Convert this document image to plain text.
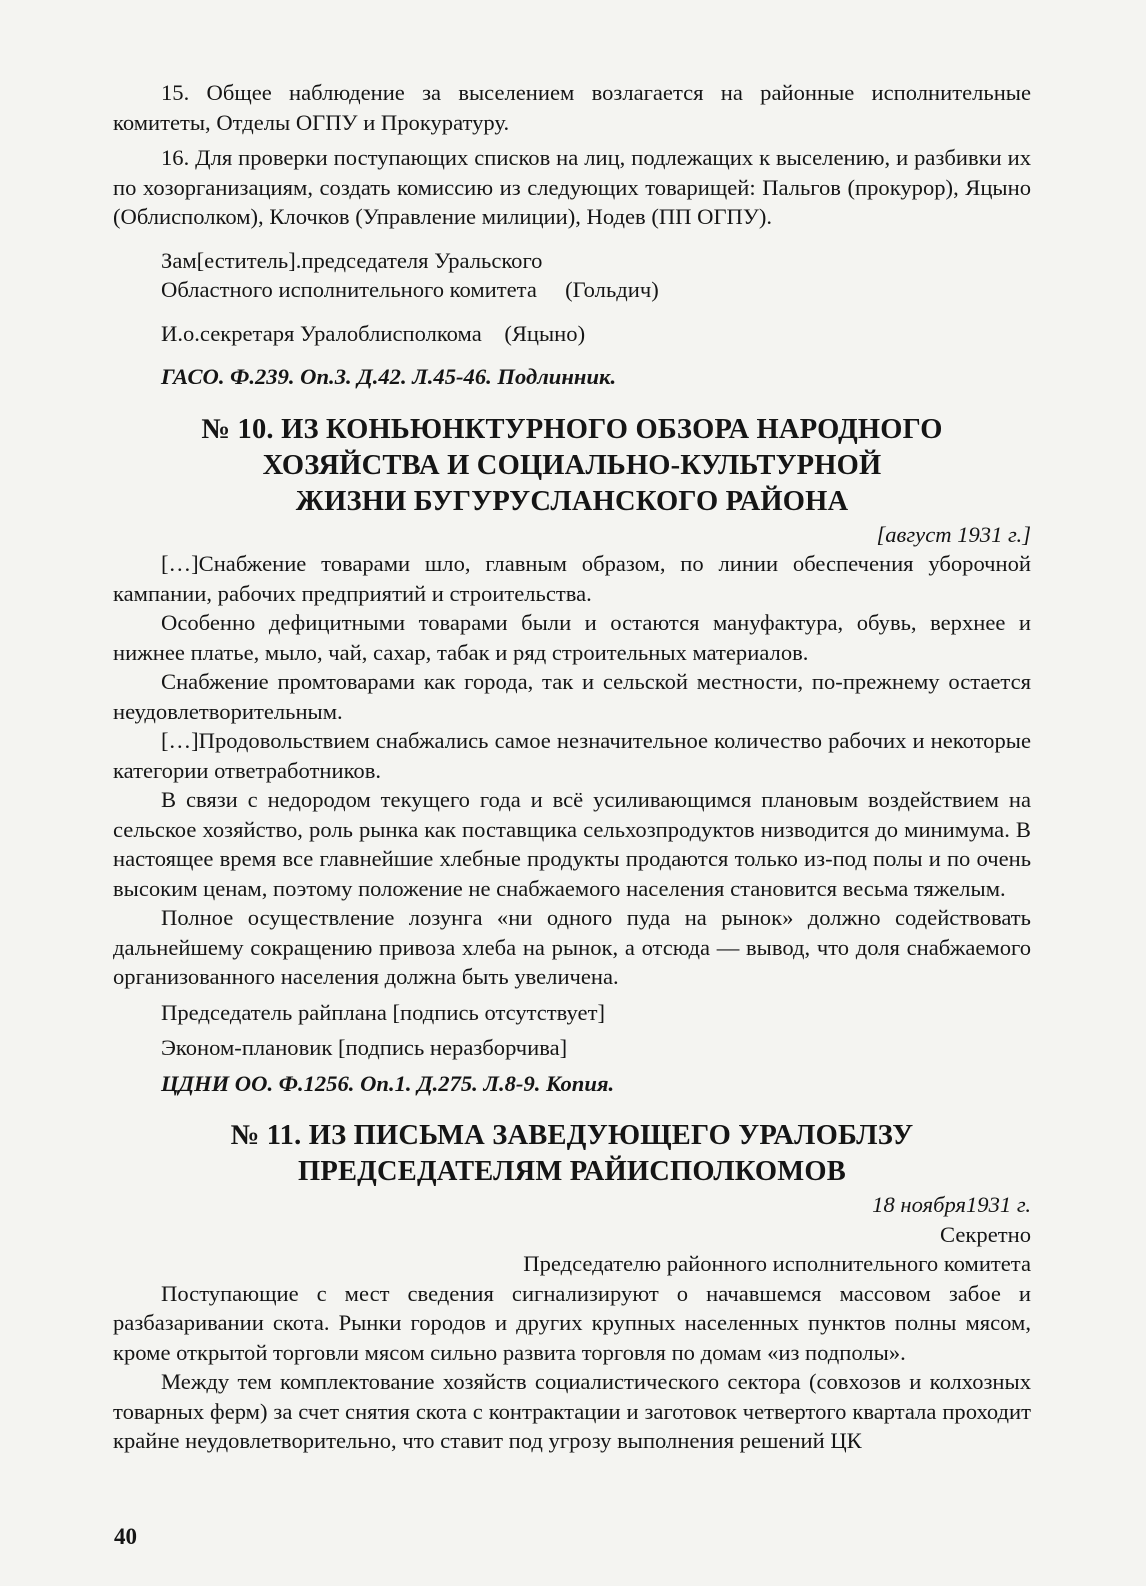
15. Общее наблюдение за выселением возлагается на районные исполнительные комитеты, Отделы ОГПУ и Прокуратуру.

16. Для проверки поступающих списков на лиц, подлежащих к выселению, и разбивки их по хозорганизациям, создать комиссию из следующих товарищей: Пальгов (прокурор), Яцыно (Облисполком), Клочков (Управление милиции), Нодев (ПП ОГПУ).

Зам[еститель].председателя Уральского

Областного исполнительного комитета     (Гольдич)

И.о.секретаря Уралоблисполкома    (Яцыно)

ГАСО. Ф.239. Оп.3. Д.42. Л.45-46. Подлинник.

№ 10. ИЗ КОНЬЮНКТУРНОГО ОБЗОРА НАРОДНОГО
ХОЗЯЙСТВА И СОЦИАЛЬНО-КУЛЬТУРНОЙ
ЖИЗНИ БУГУРУСЛАНСКОГО РАЙОНА

[август 1931 г.]

[…]Снабжение товарами шло, главным образом, по линии обеспечения уборочной кампании, рабочих предприятий и строительства.

Особенно дефицитными товарами были и остаются мануфактура, обувь, верхнее и нижнее платье, мыло, чай, сахар, табак и ряд строительных материалов.

Снабжение промтоварами как города, так и сельской местности, по-прежнему остается неудовлетворительным.

[…]Продовольствием снабжались самое незначительное количество рабочих и некоторые категории ответработников.

В связи с недородом текущего года и всё усиливающимся плановым воздействием на сельское хозяйство, роль рынка как поставщика сельхозпродуктов низводится до минимума. В настоящее время все главнейшие хлебные продукты продаются только из-под полы и по очень высоким ценам, поэтому положение не снабжаемого населения становится весьма тяжелым.

Полное осуществление лозунга «ни одного пуда на рынок» должно содействовать дальнейшему сокращению привоза хлеба на рынок, а отсюда — вывод, что доля снабжаемого организованного населения должна быть увеличена.

Председатель райплана [подпись отсутствует]

Эконом-плановик [подпись неразборчива]

ЦДНИ ОО. Ф.1256. Оп.1. Д.275. Л.8-9. Копия.

№ 11. ИЗ ПИСЬМА ЗАВЕДУЮЩЕГО УРАЛОБЛЗУ
ПРЕДСЕДАТЕЛЯМ РАЙИСПОЛКОМОВ

18 ноября1931 г.

Секретно

Председателю районного исполнительного комитета

Поступающие с мест сведения сигнализируют о начавшемся массовом забое и разбазаривании скота. Рынки городов и других крупных населенных пунктов полны мясом, кроме открытой торговли мясом сильно развита торговля по домам «из подполы».

Между тем комплектование хозяйств социалистического сектора (совхозов и колхозных товарных ферм) за счет снятия скота с контрактации и заготовок четвертого квартала проходит крайне неудовлетворительно, что ставит под угрозу выполнения решений ЦК

40
